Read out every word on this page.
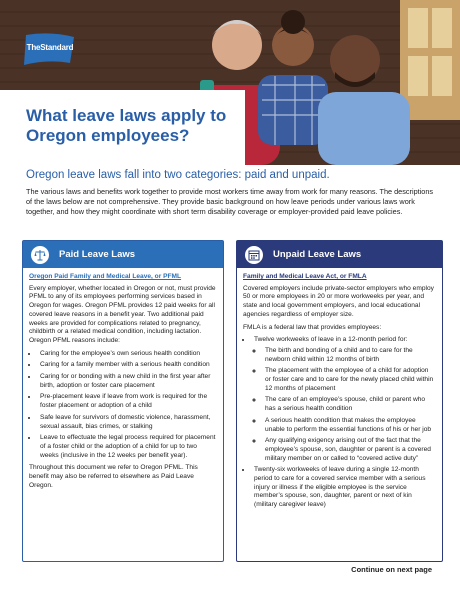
TheStandard
What leave laws apply to Oregon employees?
Oregon leave laws fall into two categories: paid and unpaid.
The various laws and benefits work together to provide most workers time away from work for many reasons. The descriptions of the laws below are not comprehensive. They provide basic background on how leave periods under various laws work together, and how they might coordinate with short term disability coverage or employer-provided paid leave policies.
Paid Leave Laws
Oregon Paid Family and Medical Leave, or PFML

Every employer, whether located in Oregon or not, must provide PFML to any of its employees performing services based in Oregon for wages. Oregon PFML provides 12 paid weeks for all covered leave reasons in a benefit year. Two additional paid weeks are provided for complications related to pregnancy, childbirth or a related medical condition, including lactation. Oregon PFML reasons include:

• Caring for the employee’s own serious health condition
• Caring for a family member with a serious health condition
• Caring for or bonding with a new child in the first year after birth, adoption or foster care placement
• Pre-placement leave if leave from work is required for the foster placement or adoption of a child
• Safe leave for survivors of domestic violence, harassment, sexual assault, bias crimes, or stalking
• Leave to effectuate the legal process required for placement of a foster child or the adoption of a child for up to two weeks (inclusive in the 12 weeks per benefit year).

Throughout this document we refer to Oregon PFML. This benefit may also be referred to elsewhere as Paid Leave Oregon.

Unpaid Leave Laws
Family and Medical Leave Act, or FMLA

Covered employers include private-sector employers who employ 50 or more employees in 20 or more workweeks per year, and state and local government employers, and local educational agencies regardless of employer size.

FMLA is a federal law that provides employees:

• Twelve workweeks of leave in a 12-month period for:
◦ The birth and bonding of a child and to care for the newborn child within 12 months of birth
◦ The placement with the employee of a child for adoption or foster care and to care for the newly placed child within 12 months of placement
◦ The care of an employee’s spouse, child or parent who has a serious health condition
◦ A serious health condition that makes the employee unable to perform the essential functions of his or her job
◦ Any qualifying exigency arising out of the fact that the employee’s spouse, son, daughter or parent is a covered military member on or called to “covered active duty”
• Twenty-six workweeks of leave during a single 12-month period to care for a covered service member with a serious injury or illness if the eligible employee is the service member’s spouse, son, daughter, parent or next of kin (military caregiver leave)
Continue on next page
